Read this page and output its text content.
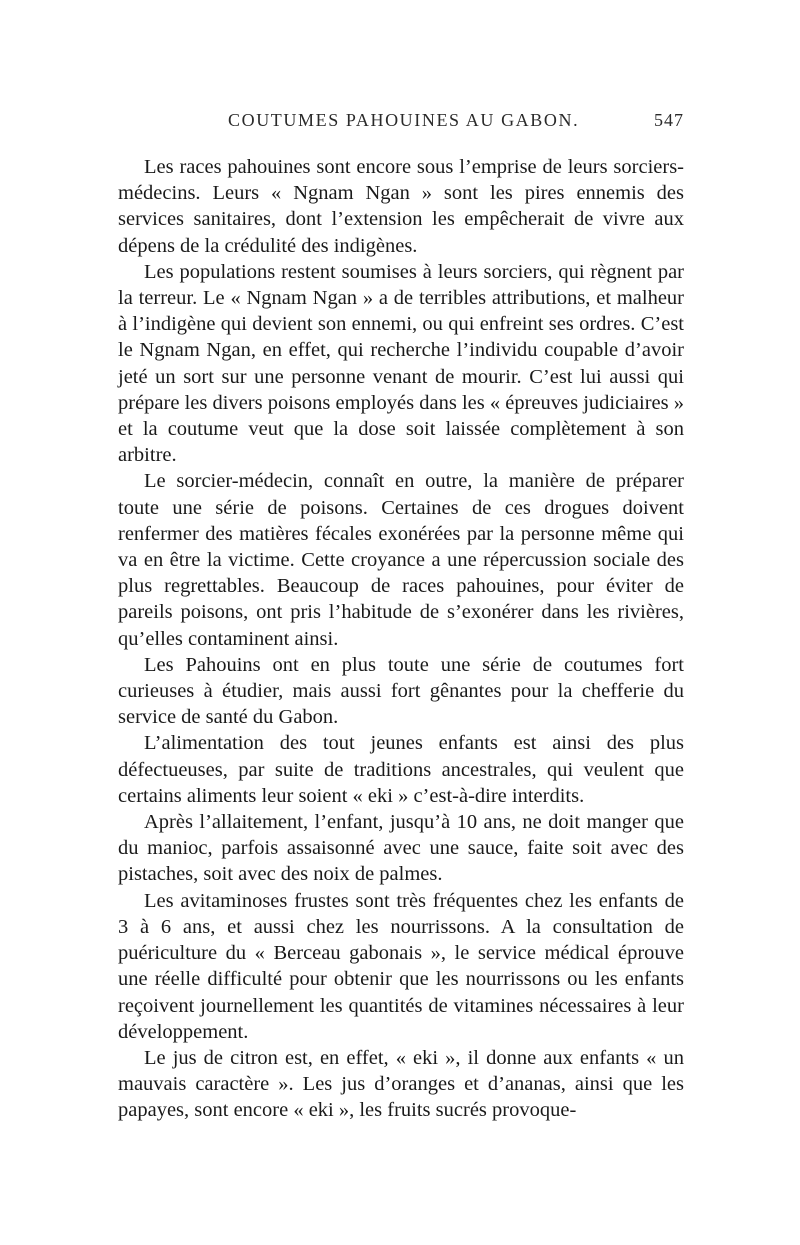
COUTUMES PAHOUINES AU GABON.	547

Les races pahouines sont encore sous l’emprise de leurs sorciers-médecins. Leurs « Ngnam Ngan » sont les pires ennemis des services sanitaires, dont l’extension les empêcherait de vivre aux dépens de la crédulité des indigènes.

Les populations restent soumises à leurs sorciers, qui règnent par la terreur. Le « Ngnam Ngan » a de terribles attributions, et malheur à l’indigène qui devient son ennemi, ou qui enfreint ses ordres. C’est le Ngnam Ngan, en effet, qui recherche l’individu coupable d’avoir jeté un sort sur une personne venant de mourir. C’est lui aussi qui prépare les divers poisons employés dans les « épreuves judiciaires » et la coutume veut que la dose soit laissée complètement à son arbitre.

Le sorcier-médecin, connaît en outre, la manière de préparer toute une série de poisons. Certaines de ces drogues doivent renfermer des matières fécales exonérées par la personne même qui va en être la victime. Cette croyance a une répercussion sociale des plus regrettables. Beaucoup de races pahouines, pour éviter de pareils poisons, ont pris l’habitude de s’exonérer dans les rivières, qu’elles contaminent ainsi.

Les Pahouins ont en plus toute une série de coutumes fort curieuses à étudier, mais aussi fort gênantes pour la chefferie du service de santé du Gabon.

L’alimentation des tout jeunes enfants est ainsi des plus défectueuses, par suite de traditions ancestrales, qui veulent que certains aliments leur soient « eki » c’est-à-dire interdits.

Après l’allaitement, l’enfant, jusqu’à 10 ans, ne doit manger que du manioc, parfois assaisonné avec une sauce, faite soit avec des pistaches, soit avec des noix de palmes.

Les avitaminoses frustes sont très fréquentes chez les enfants de 3 à 6 ans, et aussi chez les nourrissons. A la consultation de puériculture du « Berceau gabonais », le service médical éprouve une réelle difficulté pour obtenir que les nourrissons ou les enfants reçoivent journellement les quantités de vitamines nécessaires à leur développement.

Le jus de citron est, en effet, « eki », il donne aux enfants « un mauvais caractère ». Les jus d’oranges et d’ananas, ainsi que les papayes, sont encore « eki », les fruits sucrés provoque-
